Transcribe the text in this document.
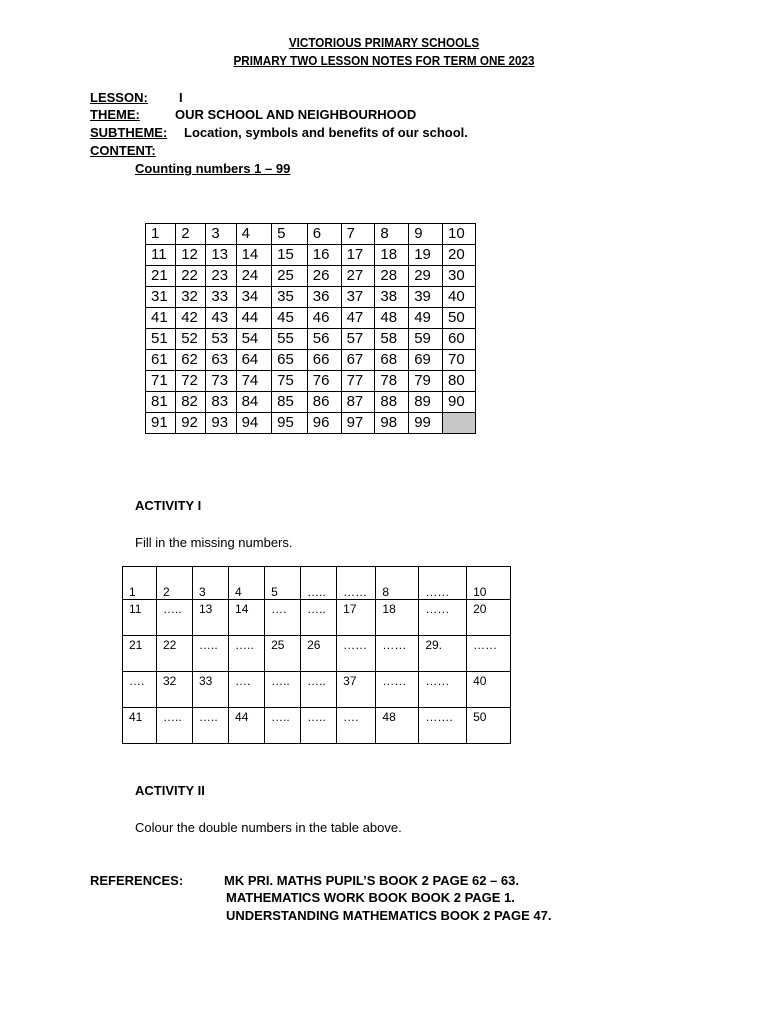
VICTORIOUS PRIMARY SCHOOLS
PRIMARY TWO LESSON NOTES FOR TERM ONE 2023
LESSON: I
THEME:	OUR SCHOOL AND NEIGHBOURHOOD
SUBTHEME: Location, symbols and benefits of our school.
CONTENT:
Counting numbers 1 – 99
1	2	3	4	5	6	7	8	9	10
11	12	13	14	15	16	17	18	19	20
21	22	23	24	25	26	27	28	29	30
31	32	33	34	35	36	37	38	39	40
41	42	43	44	45	46	47	48	49	50
51	52	53	54	55	56	57	58	59	60
61	62	63	64	65	66	67	68	69	70
71	72	73	74	75	76	77	78	79	80
81	82	83	84	85	86	87	88	89	90
91	92	93	94	95	96	97	98	99	
ACTIVITY I
Fill in the missing numbers.
1	2	3	4	5	…..	……	8	……	10
11	…..	13	14	….	…..	17	18	……	20
21	22	…..	…..	25	26	……	……	29.	……
….	32	33	….	…..	…..	37	……	……	40
41	…..	…..	44	…..	…..	….	48	…….	50
ACTIVITY II
Colour the double numbers in the table above.
REFERENCES:	MK PRI. MATHS PUPIL’S BOOK 2 PAGE 62 – 63.
MATHEMATICS WORK BOOK BOOK 2 PAGE 1.
UNDERSTANDING MATHEMATICS BOOK 2 PAGE 47.
